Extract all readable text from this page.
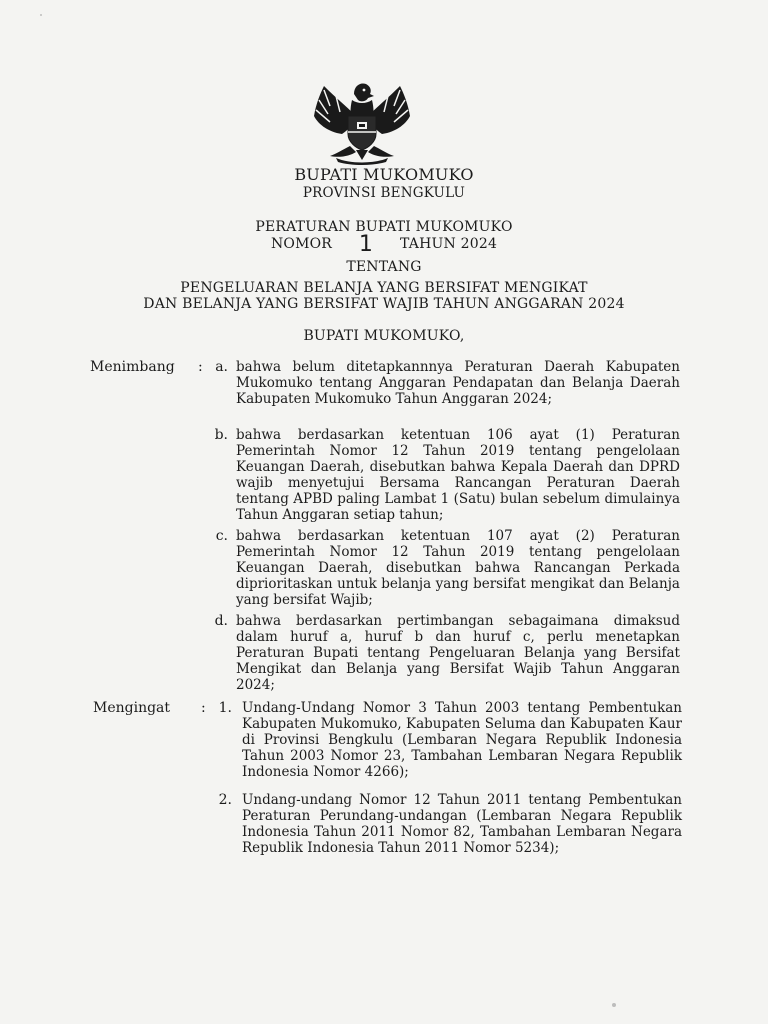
BUPATI MUKOMUKO
PROVINSI BENGKULU
PERATURAN BUPATI MUKOMUKO
NOMOR 1 TAHUN 2024
TENTANG
PENGELUARAN BELANJA YANG BERSIFAT MENGIKAT
DAN BELANJA YANG BERSIFAT WAJIB TAHUN ANGGARAN 2024
BUPATI MUKOMUKO,
Menimbang : a. bahwa belum ditetapkannnya Peraturan Daerah Kabupaten Mukomuko tentang Anggaran Pendapatan dan Belanja Daerah Kabupaten Mukomuko Tahun Anggaran 2024;
b. bahwa berdasarkan ketentuan 106 ayat (1) Peraturan Pemerintah Nomor 12 Tahun 2019 tentang pengelolaan Keuangan Daerah, disebutkan bahwa Kepala Daerah dan DPRD wajib menyetujui Bersama Rancangan Peraturan Daerah tentang APBD paling Lambat 1 (Satu) bulan sebelum dimulainya Tahun Anggaran setiap tahun;
c. bahwa berdasarkan ketentuan 107 ayat (2) Peraturan Pemerintah Nomor 12 Tahun 2019 tentang pengelolaan Keuangan Daerah, disebutkan bahwa Rancangan Perkada diprioritaskan untuk belanja yang bersifat mengikat dan Belanja yang bersifat Wajib;
d. bahwa berdasarkan pertimbangan sebagaimana dimaksud dalam huruf a, huruf b dan huruf c, perlu menetapkan Peraturan Bupati tentang Pengeluaran Belanja yang Bersifat Mengikat dan Belanja yang Bersifat Wajib Tahun Anggaran 2024;
Mengingat : 1. Undang-Undang Nomor 3 Tahun 2003 tentang Pembentukan Kabupaten Mukomuko, Kabupaten Seluma dan Kabupaten Kaur di Provinsi Bengkulu (Lembaran Negara Republik Indonesia Tahun 2003 Nomor 23, Tambahan Lembaran Negara Republik Indonesia Nomor 4266);
2. Undang-undang Nomor 12 Tahun 2011 tentang Pembentukan Peraturan Perundang-undangan (Lembaran Negara Republik Indonesia Tahun 2011 Nomor 82, Tambahan Lembaran Negara Republik Indonesia Tahun 2011 Nomor 5234);
